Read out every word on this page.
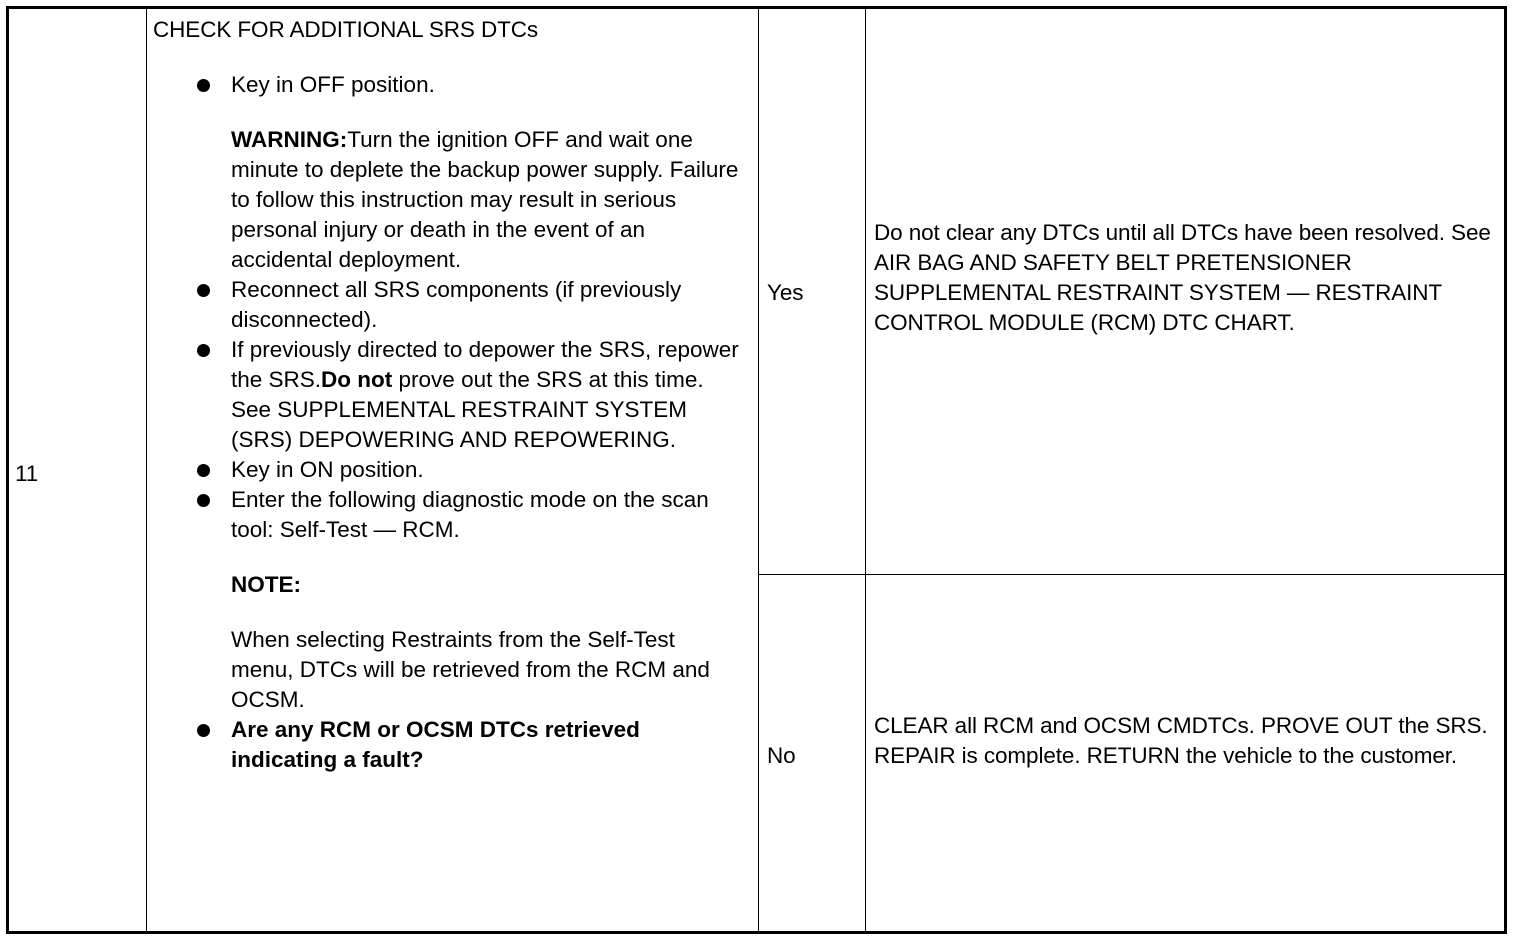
11
CHECK FOR ADDITIONAL SRS DTCs

Key in OFF position.

WARNING:Turn the ignition OFF and wait one minute to deplete the backup power supply. Failure to follow this instruction may result in serious personal injury or death in the event of an accidental deployment.

Reconnect all SRS components (if previously disconnected).

If previously directed to depower the SRS, repower the SRS.Do not prove out the SRS at this time. See SUPPLEMENTAL RESTRAINT SYSTEM (SRS) DEPOWERING AND REPOWERING.

Key in ON position.

Enter the following diagnostic mode on the scan tool: Self-Test — RCM.

NOTE:

When selecting Restraints from the Self-Test menu, DTCs will be retrieved from the RCM and OCSM.

Are any RCM or OCSM DTCs retrieved indicating a fault?

Yes
Do not clear any DTCs until all DTCs have been resolved. See AIR BAG AND SAFETY BELT PRETENSIONER SUPPLEMENTAL RESTRAINT SYSTEM — RESTRAINT CONTROL MODULE (RCM) DTC CHART.
No
CLEAR all RCM and OCSM CMDTCs. PROVE OUT the SRS. REPAIR is complete. RETURN the vehicle to the customer.
